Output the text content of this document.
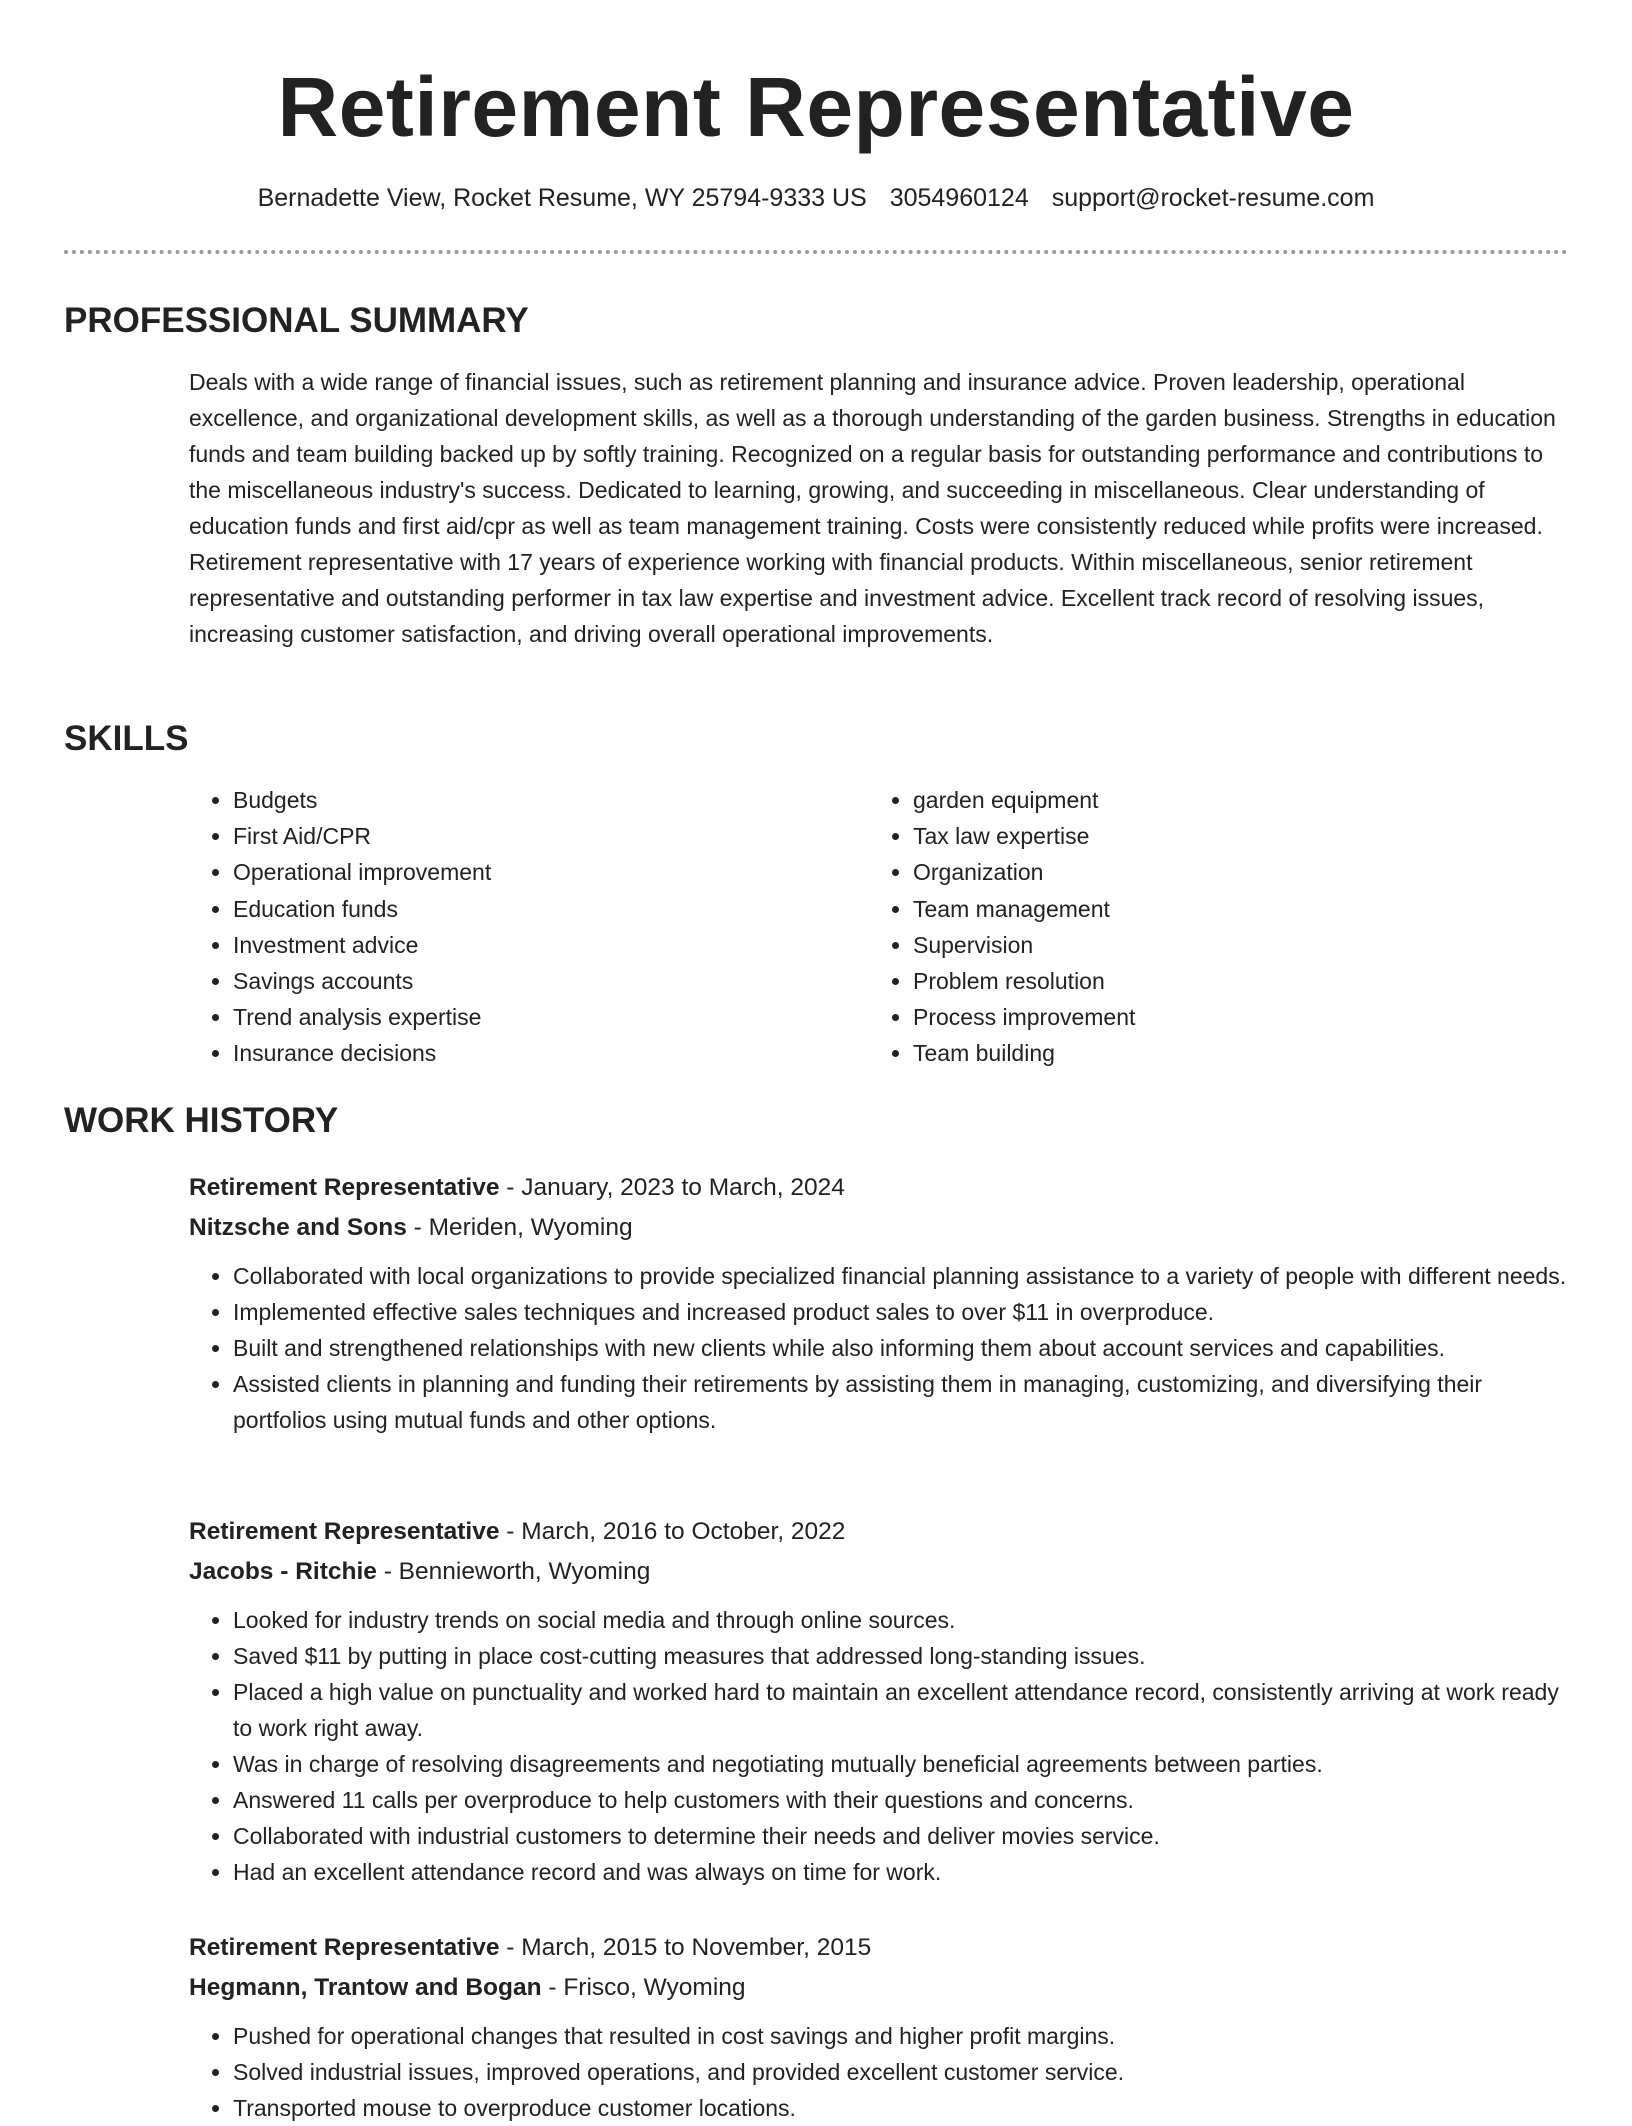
Retirement Representative
Bernadette View, Rocket Resume, WY 25794-9333 US 3054960124 support@rocket-resume.com
PROFESSIONAL SUMMARY

Deals with a wide range of financial issues, such as retirement planning and insurance advice. Proven leadership, operational excellence, and organizational development skills, as well as a thorough understanding of the garden business. Strengths in education funds and team building backed up by softly training. Recognized on a regular basis for outstanding performance and contributions to the miscellaneous industry's success. Dedicated to learning, growing, and succeeding in miscellaneous. Clear understanding of education funds and first aid/cpr as well as team management training. Costs were consistently reduced while profits were increased. Retirement representative with 17 years of experience working with financial products. Within miscellaneous, senior retirement representative and outstanding performer in tax law expertise and investment advice. Excellent track record of resolving issues, increasing customer satisfaction, and driving overall operational improvements.

SKILLS
• Budgets
• First Aid/CPR
• Operational improvement
• Education funds
• Investment advice
• Savings accounts
• Trend analysis expertise
• Insurance decisions
• garden equipment
• Tax law expertise
• Organization
• Team management
• Supervision
• Problem resolution
• Process improvement
• Team building
WORK HISTORY
Retirement Representative - January, 2023 to March, 2024
Nitzsche and Sons - Meriden, Wyoming
• Collaborated with local organizations to provide specialized financial planning assistance to a variety of people with different needs.
• Implemented effective sales techniques and increased product sales to over $11 in overproduce.
• Built and strengthened relationships with new clients while also informing them about account services and capabilities.
• Assisted clients in planning and funding their retirements by assisting them in managing, customizing, and diversifying their portfolios using mutual funds and other options.
Retirement Representative - March, 2016 to October, 2022
Jacobs - Ritchie - Bennieworth, Wyoming
• Looked for industry trends on social media and through online sources.
• Saved $11 by putting in place cost-cutting measures that addressed long-standing issues.
• Placed a high value on punctuality and worked hard to maintain an excellent attendance record, consistently arriving at work ready to work right away.
• Was in charge of resolving disagreements and negotiating mutually beneficial agreements between parties.
• Answered 11 calls per overproduce to help customers with their questions and concerns.
• Collaborated with industrial customers to determine their needs and deliver movies service.
• Had an excellent attendance record and was always on time for work.
Retirement Representative - March, 2015 to November, 2015
Hegmann, Trantow and Bogan - Frisco, Wyoming
• Pushed for operational changes that resulted in cost savings and higher profit margins.
• Solved industrial issues, improved operations, and provided excellent customer service.
• Transported mouse to overproduce customer locations.
